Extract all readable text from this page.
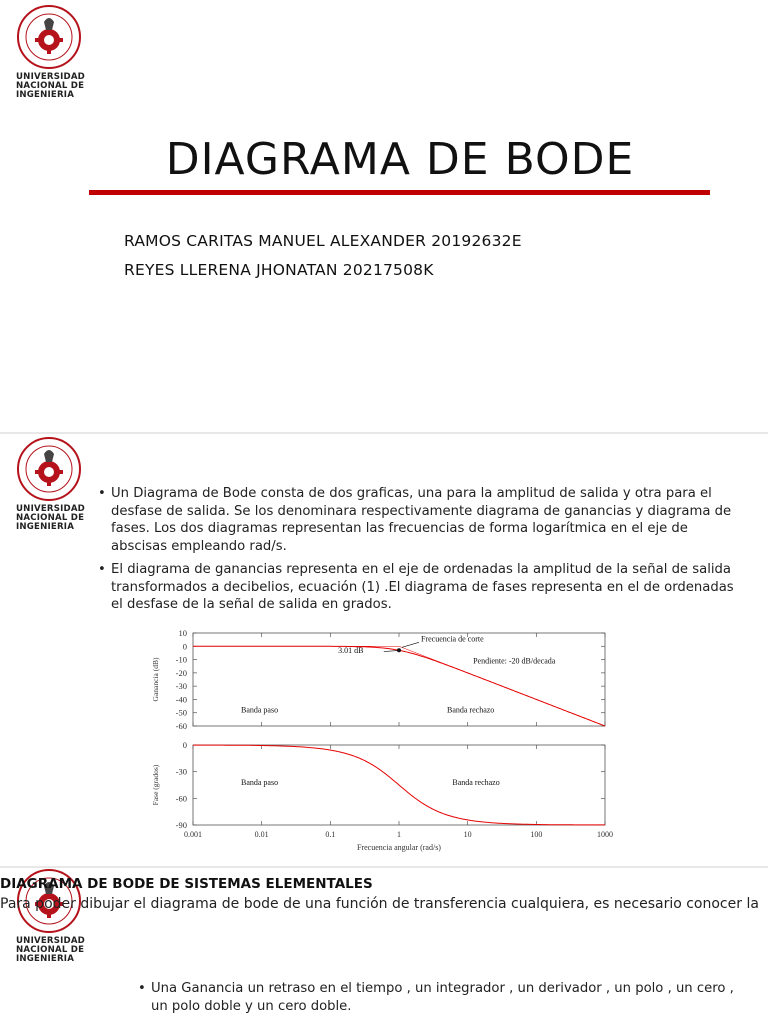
UNIVERSIDAD
NACIONAL DE
INGENIERIA
DIAGRAMA DE BODE
RAMOS CARITAS MANUEL ALEXANDER 20192632E
REYES LLERENA JHONATAN 20217508K
UNIVERSIDAD
NACIONAL DE
INGENIERIA
• Un Diagrama de Bode consta de dos graficas, una para la amplitud de salida y otra para el desfase de salida. Se los denominara respectivamente diagrama de ganancias y diagrama de fases. Los dos diagramas representan las frecuencias de forma logarítmica en el eje de abscisas empleando rad/s.
• El diagrama de ganancias representa en el eje de ordenadas la amplitud de la señal de salida transformados a decibelios, ecuación (1) .El diagrama de fases representa en el de ordenadas el desfase de la señal de salida en grados.
10
0
-10
-20
-30
-40
-50
-60
Ganancia (dB)
Frecuencia de corte
3.01 dB
Pendiente: -20 dB/decada
Banda paso	Banda rechazo
0
-30
-60
-90
Fase (grados)	Banda paso	Banda rechazo
0.001	0.01	0.1	1	10	100	1000
Frecuencia angular (rad/s)
UNIVERSIDAD
NACIONAL DE
INGENIERIA
DIAGRAMA DE BODE DE SISTEMAS ELEMENTALES
Para poder dibujar el diagrama de bode de una función de transferencia cualquiera, es necesario conocer la
• Una Ganancia un retraso en el tiempo , un integrador , un derivador , un polo , un cero , un polo doble y un cero doble.
